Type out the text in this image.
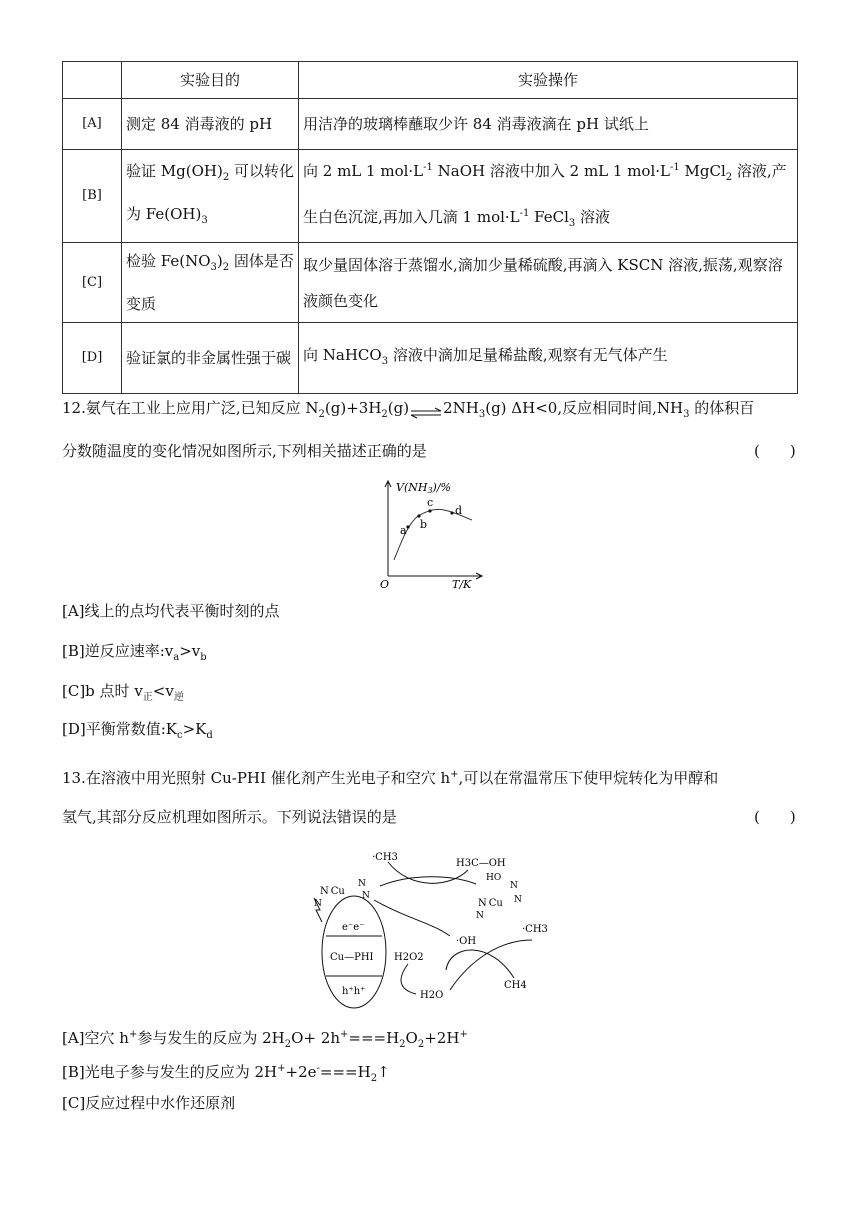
	实验目的	实验操作
[A]	测定 84 消毒液的 pH	用洁净的玻璃棒蘸取少许 84 消毒液滴在 pH 试纸上
[B]	验证 $Mg(OH)_2$ 可以转化为 $Fe(OH)_3$	向 2 mL 1 $mol\cdot L^{-1}$ NaOH 溶液中加入 2 mL 1 $mol\cdot L^{-1}$ MgCl$_2$ 溶液,产生白色沉淀,再加入几滴 1 $mol\cdot L^{-1}$ FeCl$_3$ 溶液
[C]	检验 $Fe(NO_3)_2$ 固体是否变质	取少量固体溶于蒸馏水,滴加少量稀硫酸,再滴入 KSCN 溶液,振荡,观察溶液颜色变化
[D]	验证氯的非金属性强于碳	向 NaHCO$_3$ 溶液中滴加足量稀盐酸,观察有无气体产生
12.氨气在工业上应用广泛,已知反应 $N_2(g)+3H_2(g)\rightleftharpoons 2NH_3(g)$ ΔH<0,反应相同时间$,NH_3$ 的体积百
分数随温度的变化情况如图所示,下列相关描述正确的是	(　　)
a b
c
d
V(NH3)/%
T/K
O
[A]线上的点均代表平衡时刻的点
[B]逆反应速率$:v_a>v_b$
[C]b 点时 $v_正<v_逆$
[D]平衡常数值$:K_c>K_d$
13.在溶液中用光照射 Cu-PHI 催化剂产生光电子和空穴 h+,可以在常温常压下使甲烷转化为甲醇和
氢气,其部分反应机理如图所示。下列说法错误的是	(　　)
e⁻e⁻
Cu—PHI
h⁺h⁺
N Cu
N
N
N
HO
N Cu
N
N
N
·CH3
H3C—OH
·OH
·CH3
H2O2
H2O
CH4
[A]空穴 h+参与发生的反应为 $2H_2O+ 2h^+===H_2O_2+2H^+$
[B]光电子参与发生的反应为 $2H^++2e^-===H_2↑$
[C]反应过程中水作还原剂
